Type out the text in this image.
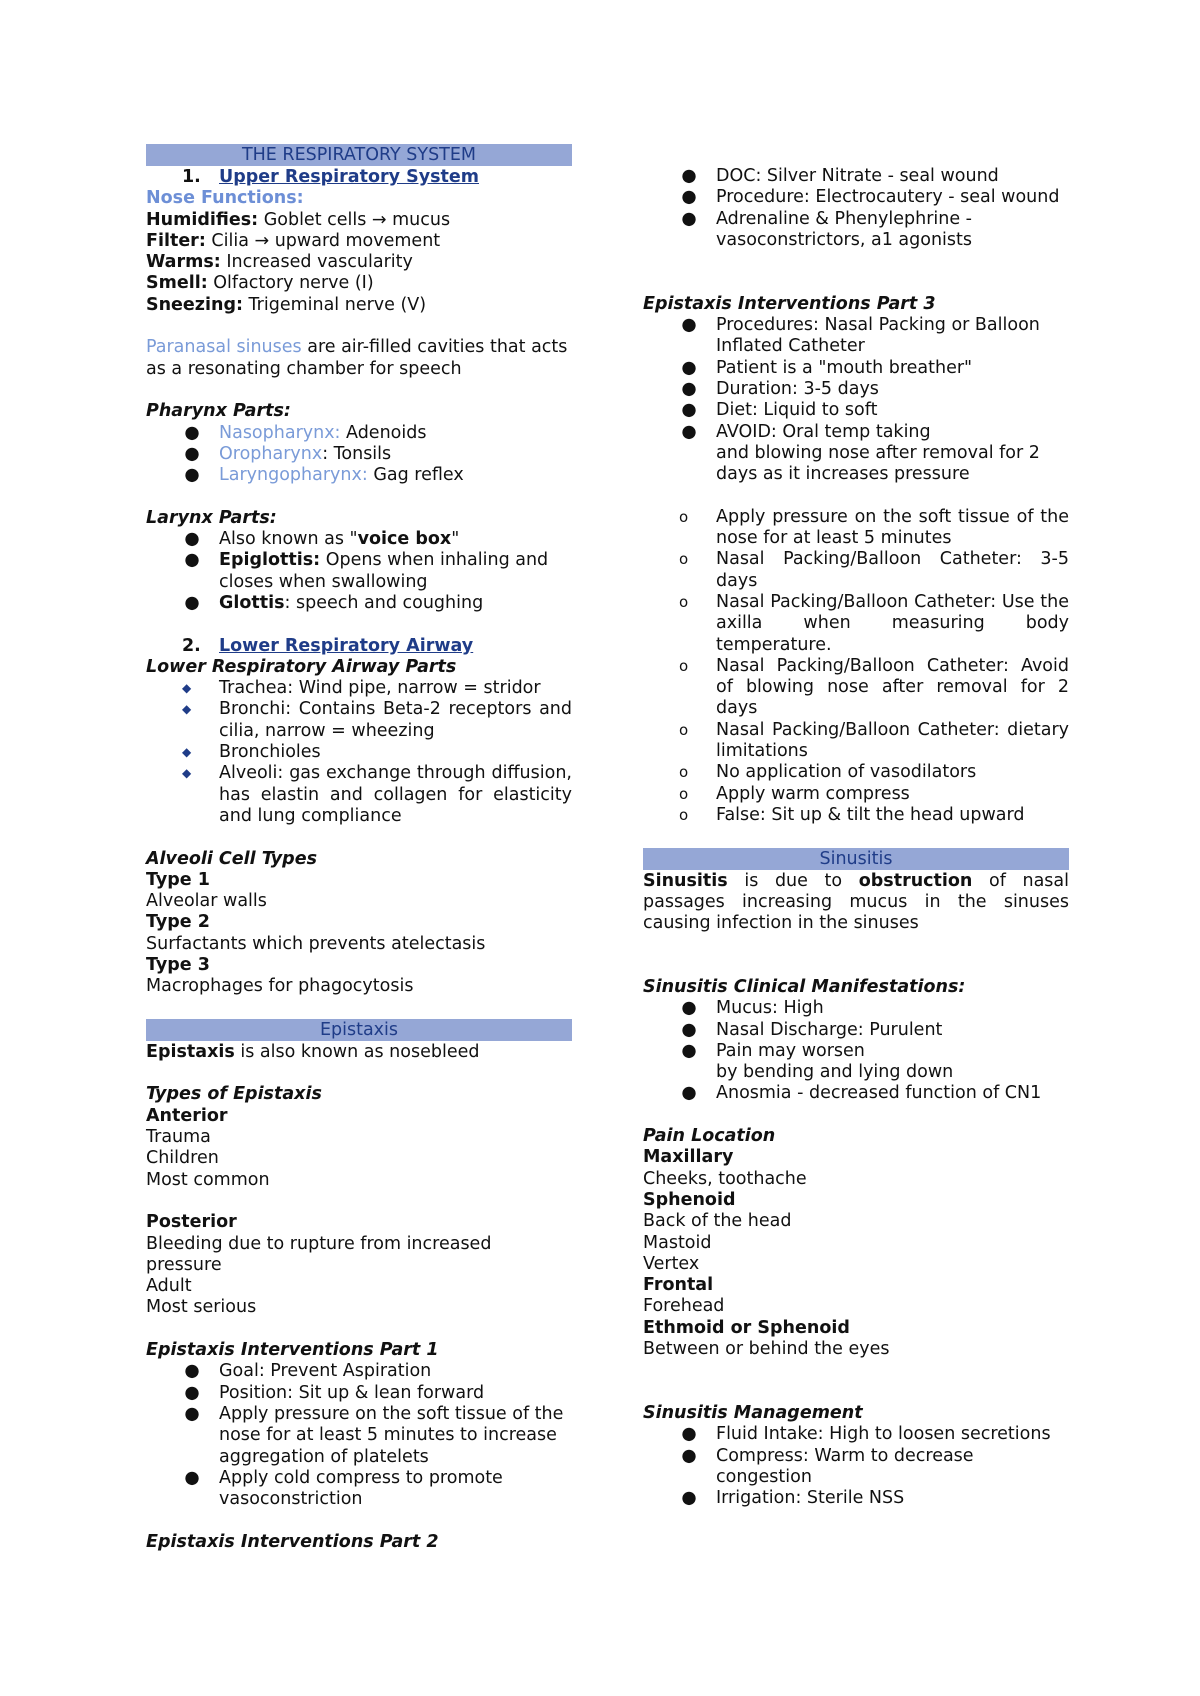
THE RESPIRATORY SYSTEM
1. Upper Respiratory System
Nose Functions:
Humidifies: Goblet cells → mucus
Filter: Cilia → upward movement
Warms: Increased vascularity
Smell: Olfactory nerve (I)
Sneezing: Trigeminal nerve (V)
Paranasal sinuses are air-filled cavities that acts as a resonating chamber for speech
Pharynx Parts:
● Nasopharynx: Adenoids
● Oropharynx: Tonsils
● Laryngopharynx: Gag reflex
Larynx Parts:
● Also known as "voice box"
● Epiglottis: Opens when inhaling and closes when swallowing
● Glottis: speech and coughing
2. Lower Respiratory Airway
Lower Respiratory Airway Parts
◆	Trachea: Wind pipe, narrow = stridor
◆	Bronchi: Contains Beta-2 receptors and cilia, narrow = wheezing
◆	Bronchioles
◆	Alveoli: gas exchange through diffusion, has elastin and collagen for elasticity and lung compliance
Alveoli Cell Types
Type 1
Alveolar walls
Type 2
Surfactants which prevents atelectasis
Type 3
Macrophages for phagocytosis
Epistaxis
Epistaxis is also known as nosebleed
Types of Epistaxis
Anterior
Trauma
Children
Most common
Posterior
Bleeding due to rupture from increased pressure
Adult
Most serious
Epistaxis Interventions Part 1
● Goal: Prevent Aspiration
● Position: Sit up & lean forward
● Apply pressure on the soft tissue of the nose for at least 5 minutes to increase aggregation of platelets
● Apply cold compress to promote vasoconstriction
Epistaxis Interventions Part 2
● DOC: Silver Nitrate - seal wound
● Procedure: Electrocautery - seal wound
● Adrenaline & Phenylephrine - vasoconstrictors, a1 agonists
Epistaxis Interventions Part 3
● Procedures: Nasal Packing or Balloon Inflated Catheter
● Patient is a "mouth breather"
● Duration: 3-5 days
● Diet: Liquid to soft
● AVOID: Oral temp taking
and blowing nose after removal for 2 days as it increases pressure
o	Apply pressure on the soft tissue of the nose for at least 5 minutes
o	Nasal Packing/Balloon Catheter: 3-5 days
o	Nasal Packing/Balloon Catheter: Use the axilla when measuring body temperature.
o	Nasal Packing/Balloon Catheter: Avoid of blowing nose after removal for 2 days
o	Nasal Packing/Balloon Catheter: dietary limitations
o	No application of vasodilators
o	Apply warm compress
o	False: Sit up & tilt the head upward
Sinusitis
Sinusitis is due to obstruction of nasal passages increasing mucus in the sinuses causing infection in the sinuses
Sinusitis Clinical Manifestations:
● Mucus: High
● Nasal Discharge: Purulent
● Pain may worsen
by bending and lying down
● Anosmia - decreased function of CN1
Pain Location
Maxillary
Cheeks, toothache
Sphenoid
Back of the head
Mastoid
Vertex
Frontal
Forehead
Ethmoid or Sphenoid
Between or behind the eyes
Sinusitis Management
● Fluid Intake: High to loosen secretions
● Compress: Warm to decrease congestion
● Irrigation: Sterile NSS
